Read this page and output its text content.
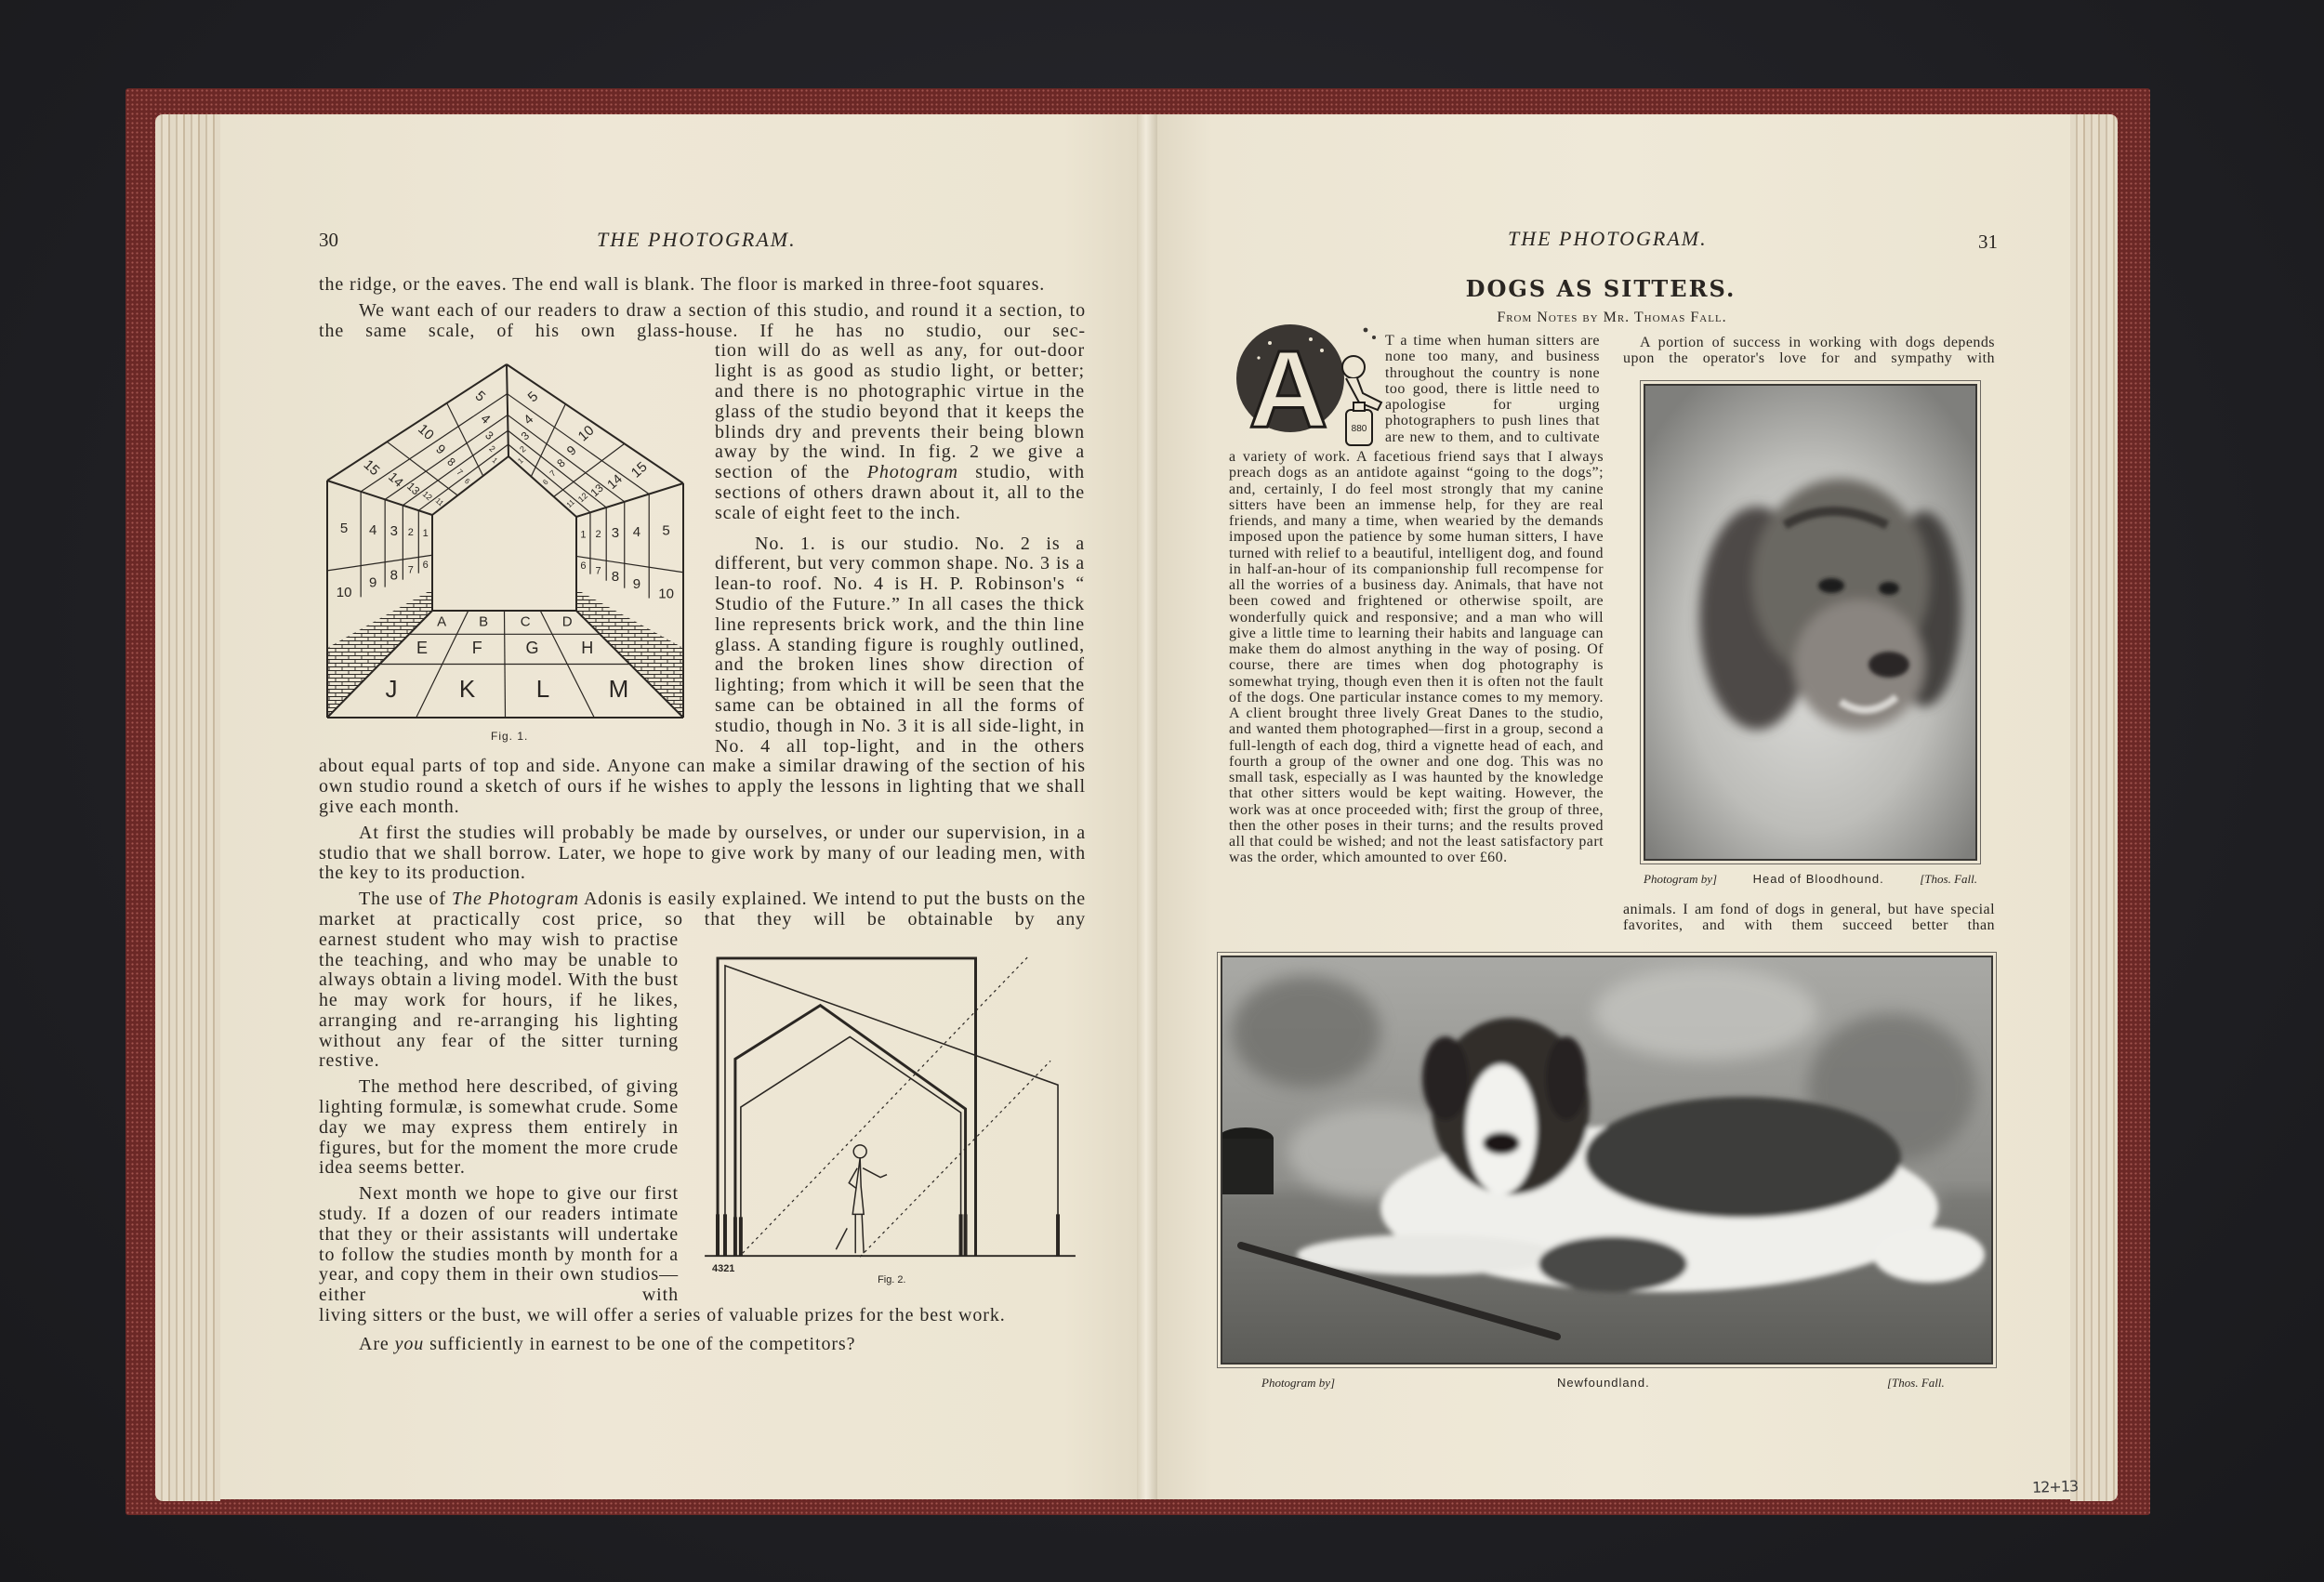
30	THE PHOTOGRAM.

the ridge, or the eaves. The end wall is blank. The floor is marked in three-foot squares.

We want each of our readers to draw a section of this studio, and round it a section, to the same scale, of his own glass-house. If he has no studio, our sec-

5
4
3
2
1
10
9
8
7
6
15
14
13
12 11
5
4
3
2
1
10
9
8
7
6
15
14
13
12
11
5 4 3 2 1
10
9 8 7 6
5
4
3
2
1
10
9
8
7
6
J	K	L M
E	F	G	H
A B C D
Fig. 1.

tion will do as well as any, for out-door light is as good as studio light, or better; and there is no photographic virtue in the glass of the studio beyond that it keeps the blinds dry and prevents their being blown away by the wind. In fig. 2 we give a section of the Photogram studio, with sections of others drawn about it, all to the scale of eight feet to the inch.

No. 1. is our studio. No. 2 is a different, but very common shape. No. 3 is a lean-to roof. No. 4 is H. P. Robinson's “ Studio of the Future.” In all cases the thick line represents brick work, and the thin line glass. A standing figure is roughly outlined, and the broken lines show direction of lighting; from which it will be seen that the same can be obtained in all the forms of studio, though in No. 3 it is all side-light, in No. 4 all top-light, and in the others

about equal parts of top and side. Anyone can make a similar drawing of the section of his own studio round a sketch of ours if he wishes to apply the lessons in lighting that we shall give each month.

At first the studies will probably be made by ourselves, or under our supervision, in a studio that we shall borrow. Later, we hope to give work by many of our leading men, with the key to its production.

The use of The Photogram Adonis is easily explained. We intend to put the busts on the market at practically cost price, so that they will be obtainable by any

earnest student who may wish to practise the teaching, and who may be unable to always obtain a living model. With the bust he may work for hours, if he likes, arranging and re-arranging his lighting without any fear of the sitter turning restive.

The method here described, of giving lighting formulæ, is somewhat crude. Some day we may express them entirely in figures, but for the moment the more crude idea seems better.

Next month we hope to give our first study. If a dozen of our readers intimate that they or their assistants will undertake to follow the studies month by month for a year, and copy them in their own studios—either with

4321
Fig. 2.

living sitters or the bust, we will offer a series of valuable prizes for the best work.

Are you sufficiently in earnest to be one of the competitors?

THE PHOTOGRAM.	31
DOGS AS SITTERS.
From Notes by Mr. Thomas Fall.
A	880

T a time when human sitters are none too many, and business throughout the country is none too good, there is little need to apologise for urging photographers to push lines that are new to them, and to cultivate

a variety of work. A facetious friend says that I always preach dogs as an antidote against “going to the dogs”; and, certainly, I do feel most strongly that my canine sitters have been an immense help, for they are real friends, and many a time, when wearied by the demands imposed upon the patience by some human sitters, I have turned with relief to a beautiful, intelligent dog, and found in half-an-hour of its companionship full recompense for all the worries of a business day. Animals, that have not been cowed and frightened or otherwise spoilt, are wonderfully quick and responsive; and a man who will give a little time to learning their habits and language can make them do almost anything in the way of posing. Of course, there are times when dog photography is somewhat trying, though even then it is often not the fault of the dogs. One particular instance comes to my memory. A client brought three lively Great Danes to the studio, and wanted them photographed—first in a group, second a full-length of each dog, third a vignette head of each, and fourth a group of the owner and one dog. This was no small task, especially as I was haunted by the knowledge that other sitters would be kept waiting. However, the work was at once proceeded with; first the group of three, then the other poses in their turns; and the results proved all that could be wished; and not the least satisfactory part was the order, which amounted to over £60.

A portion of success in working with dogs depends upon the operator's love for and sympathy with

Photogram by]	Head of Bloodhound.	[Thos. Fall.

animals. I am fond of dogs in general, but have special favorites, and with them succeed better than

Photogram by]	Newfoundland.	[Thos. Fall.
12+13
